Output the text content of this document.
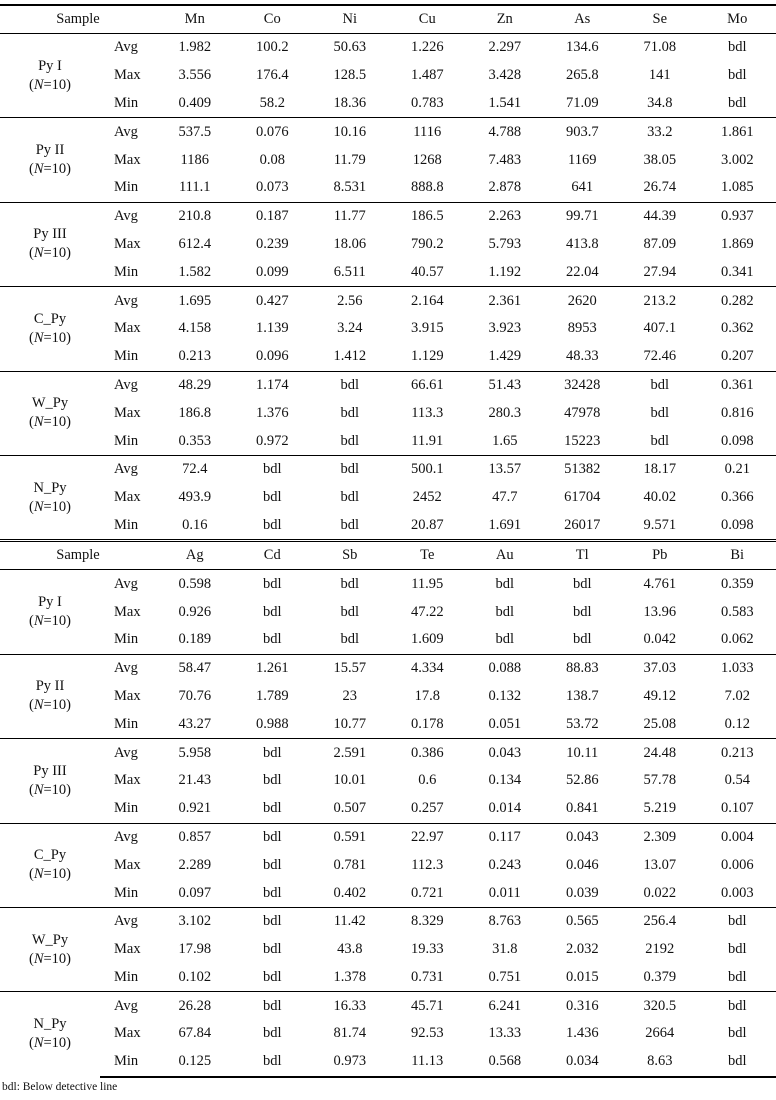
Sample		Mn	Co	Ni	Cu	Zn	As	Se	Mo

Py I
(N=10)	Avg	1.982	100.2	50.63	1.226	2.297	134.6	71.08	bdl
	Max	3.556	176.4	128.5	1.487	3.428	265.8	141	bdl
	Min	0.409	58.2	18.36	0.783	1.541	71.09	34.8	bdl

Py II
(N=10)	Avg	537.5	0.076	10.16	1116	4.788	903.7	33.2	1.861
	Max	1186	0.08	11.79	1268	7.483	1169	38.05	3.002
	Min	111.1	0.073	8.531	888.8	2.878	641	26.74	1.085

Py III
(N=10)	Avg	210.8	0.187	11.77	186.5	2.263	99.71	44.39	0.937
	Max	612.4	0.239	18.06	790.2	5.793	413.8	87.09	1.869
	Min	1.582	0.099	6.511	40.57	1.192	22.04	27.94	0.341

C_Py
(N=10)	Avg	1.695	0.427	2.56	2.164	2.361	2620	213.2	0.282
	Max	4.158	1.139	3.24	3.915	3.923	8953	407.1	0.362
	Min	0.213	0.096	1.412	1.129	1.429	48.33	72.46	0.207

W_Py
(N=10)	Avg	48.29	1.174	bdl	66.61	51.43	32428	bdl	0.361
	Max	186.8	1.376	bdl	113.3	280.3	47978	bdl	0.816
	Min	0.353	0.972	bdl	11.91	1.65	15223	bdl	0.098

N_Py
(N=10)	Avg	72.4	bdl	bdl	500.1	13.57	51382	18.17	0.21
	Max	493.9	bdl	bdl	2452	47.7	61704	40.02	0.366
	Min	0.16	bdl	bdl	20.87	1.691	26017	9.571	0.098
Sample		Ag	Cd	Sb	Te	Au	Tl	Pb	Bi

Py I
(N=10)	Avg	0.598	bdl	bdl	11.95	bdl	bdl	4.761	0.359
	Max	0.926	bdl	bdl	47.22	bdl	bdl	13.96	0.583
	Min	0.189	bdl	bdl	1.609	bdl	bdl	0.042	0.062

Py II
(N=10)	Avg	58.47	1.261	15.57	4.334	0.088	88.83	37.03	1.033
	Max	70.76	1.789	23	17.8	0.132	138.7	49.12	7.02
	Min	43.27	0.988	10.77	0.178	0.051	53.72	25.08	0.12

Py III
(N=10)	Avg	5.958	bdl	2.591	0.386	0.043	10.11	24.48	0.213
	Max	21.43	bdl	10.01	0.6	0.134	52.86	57.78	0.54
	Min	0.921	bdl	0.507	0.257	0.014	0.841	5.219	0.107

C_Py
(N=10)	Avg	0.857	bdl	0.591	22.97	0.117	0.043	2.309	0.004
	Max	2.289	bdl	0.781	112.3	0.243	0.046	13.07	0.006
	Min	0.097	bdl	0.402	0.721	0.011	0.039	0.022	0.003

W_Py
(N=10)	Avg	3.102	bdl	11.42	8.329	8.763	0.565	256.4	bdl
	Max	17.98	bdl	43.8	19.33	31.8	2.032	2192	bdl
	Min	0.102	bdl	1.378	0.731	0.751	0.015	0.379	bdl

N_Py
(N=10)	Avg	26.28	bdl	16.33	45.71	6.241	0.316	320.5	bdl
	Max	67.84	bdl	81.74	92.53	13.33	1.436	2664	bdl
	Min	0.125	bdl	0.973	11.13	0.568	0.034	8.63	bdl
bdl: Below detective line
